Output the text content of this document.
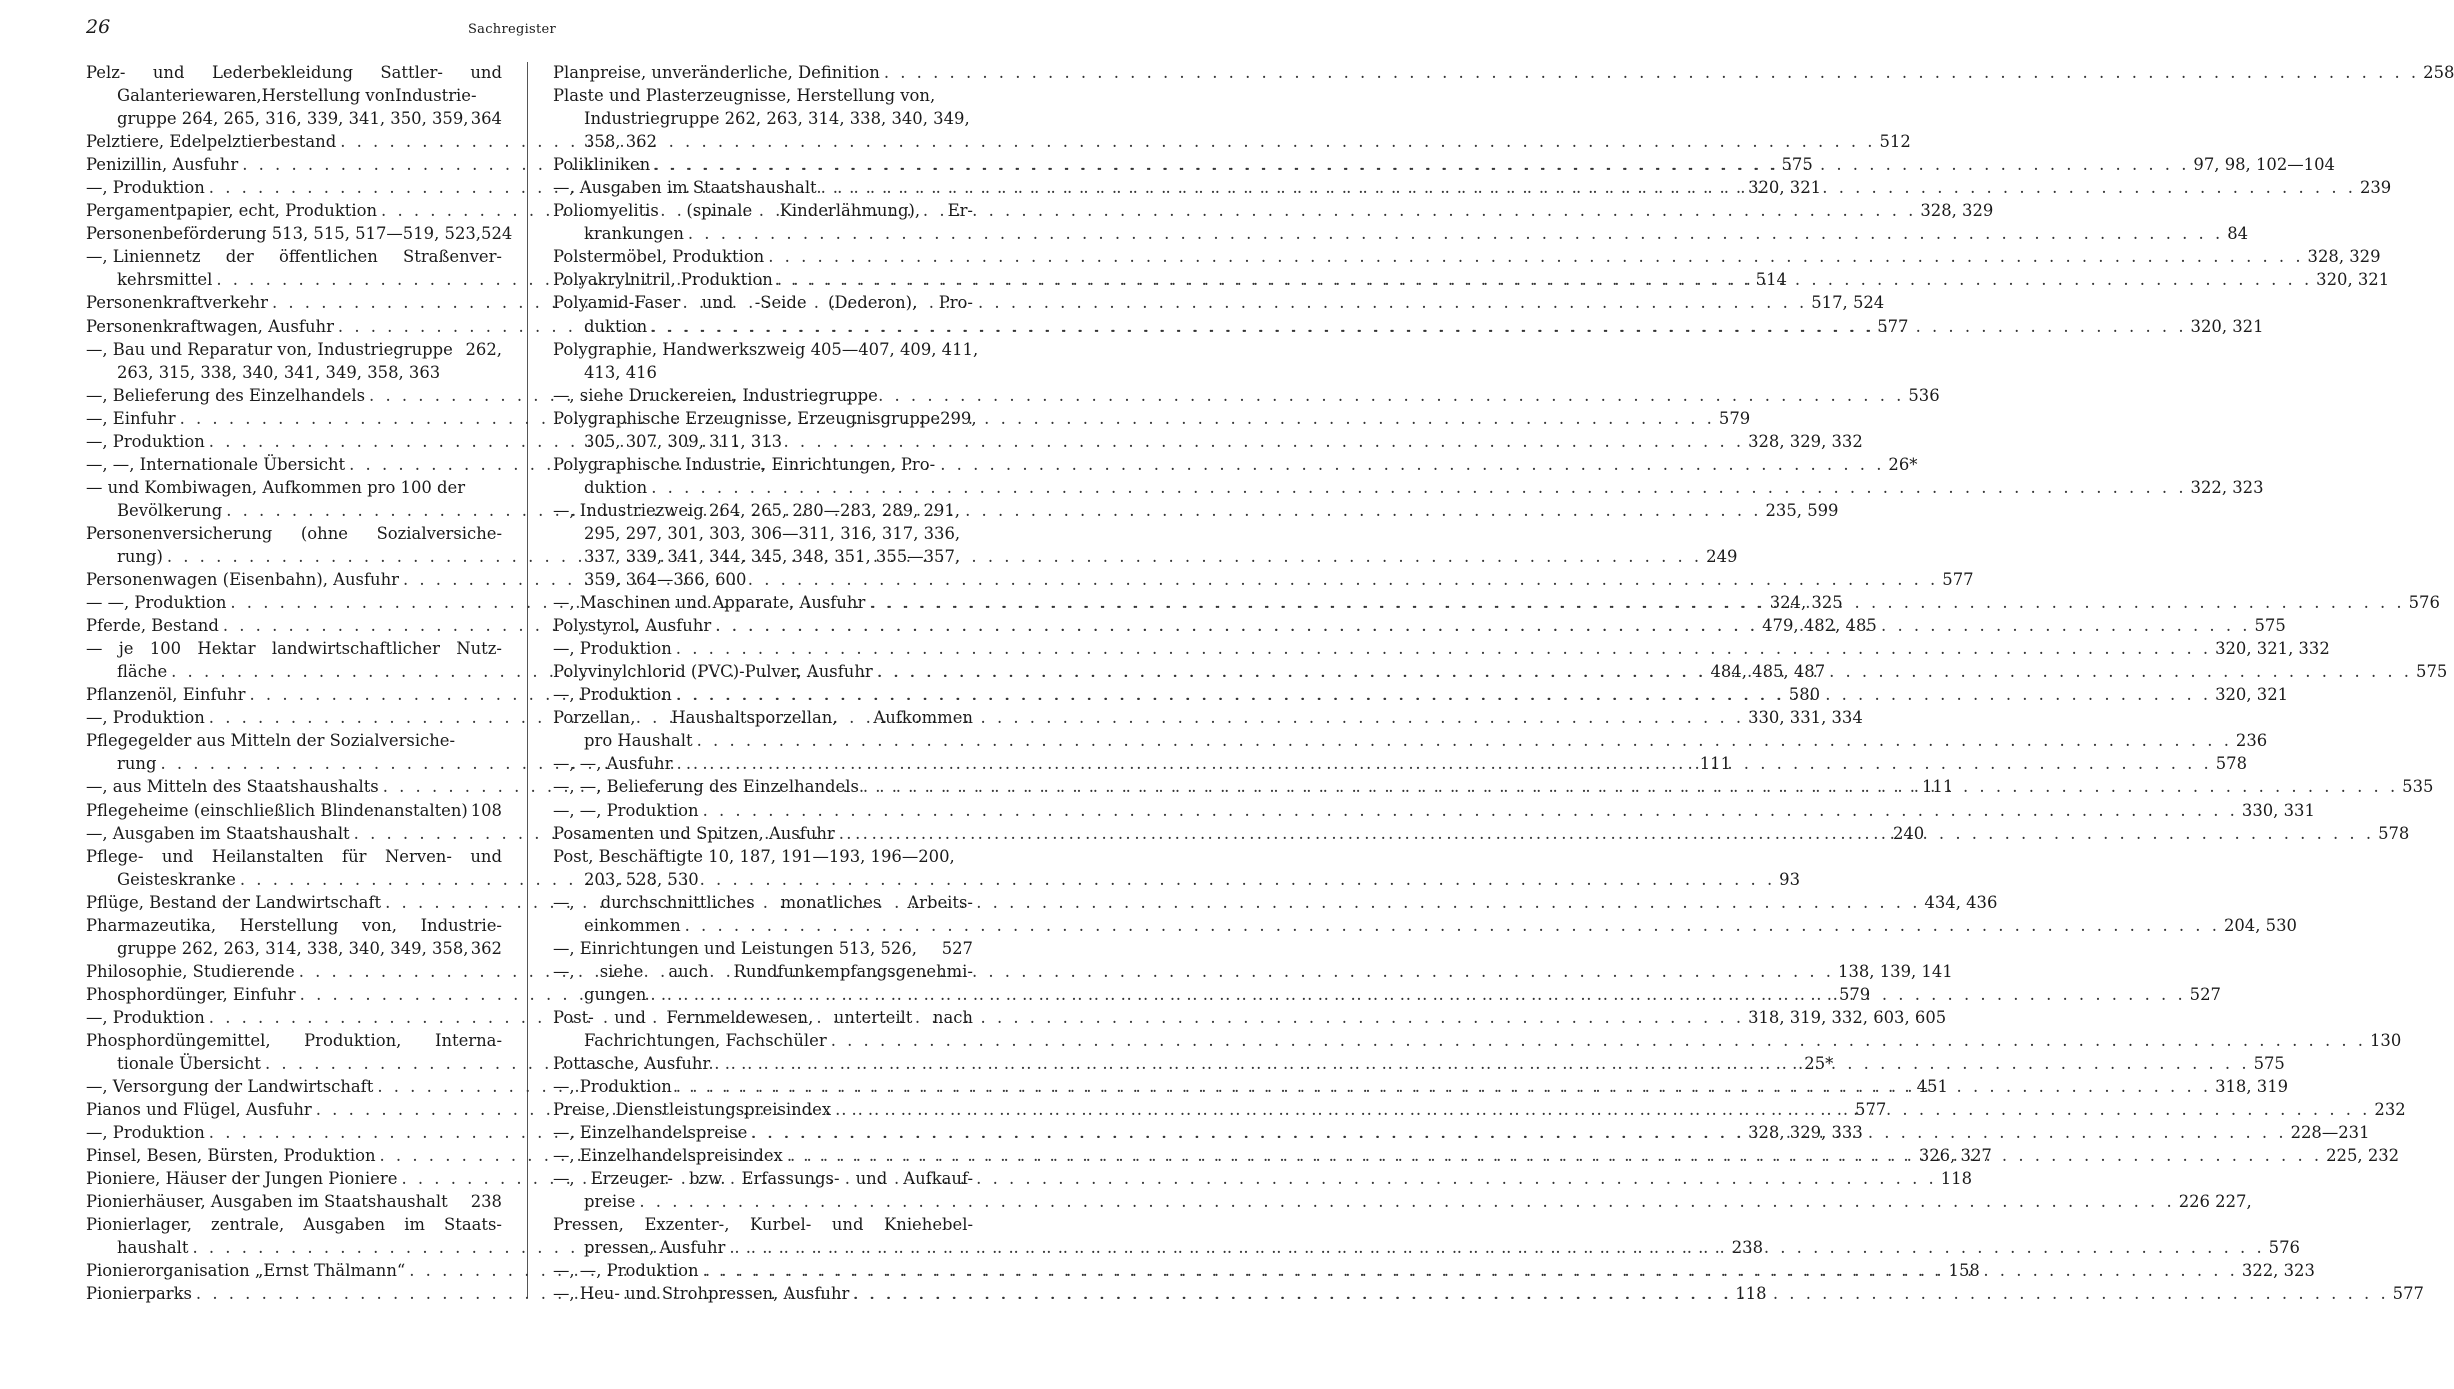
26	Sachregister
Pelz- und Lederbekleidung Sattler- und
Galanteriewaren,Herstellung vonIndustrie-
gruppe 264, 265, 316, 339, 341, 350, 359, 364
Pelztiere, Edelpelztierbestand . . .	512
Penizillin, Ausfuhr . . .	575
—, Produktion . . .	320, 321
Pergamentpapier, echt, Produktion . . .	328, 329
Personenbeförderung 513, 515, 517—519, 523, 524
—, Liniennetz der öffentlichen Straßenver-
kehrsmittel . . .	514
Personenkraftverkehr . . .	517, 524
Personenkraftwagen, Ausfuhr . . .	577
—, Bau und Reparatur von, Industriegruppe 262,
263, 315, 338, 340, 341, 349, 358, 363
—, Belieferung des Einzelhandels . . .	536
—, Einfuhr . . .	579
—, Produktion . . .	328, 329, 332
—, —, Internationale Übersicht . . .	26*
— und Kombiwagen, Aufkommen pro 100 der
Bevölkerung . . .	235, 599
Personenversicherung (ohne Sozialversiche-
rung) . . .	249
Personenwagen (Eisenbahn), Ausfuhr . . .	577
— —, Produktion . . .	324, 325
Pferde, Bestand . . .	479, 482, 485
— je 100 Hektar landwirtschaftlicher Nutz-
fläche . . .	484, 485, 487
Pflanzenöl, Einfuhr . . .	580
—, Produktion . . .	330, 331, 334
Pflegegelder aus Mitteln der Sozialversiche-
rung . . .	111
—, aus Mitteln des Staatshaushalts . . .	111
Pflegeheime (einschließlich Blindenanstalten) 108
—, Ausgaben im Staatshaushalt . . .	240
Pflege- und Heilanstalten für Nerven- und
Geisteskranke . . .	93
Pflüge, Bestand der Landwirtschaft . . .	434, 436
Pharmazeutika, Herstellung von, Industrie-
gruppe 262, 263, 314, 338, 340, 349, 358, 362
Philosophie, Studierende . . .	138, 139, 141
Phosphordünger, Einfuhr . . .	579
—, Produktion . . .	318, 319, 332, 603, 605
Phosphordüngemittel, Produktion, Interna-
tionale Übersicht . . .	25*
—, Versorgung der Landwirtschaft . . .	451
Pianos und Flügel, Ausfuhr . . .	577
—, Produktion . . .	328, 329, 333
Pinsel, Besen, Bürsten, Produktion . . .	326, 327
Pioniere, Häuser der Jungen Pioniere . . .	118
Pionierhäuser, Ausgaben im Staatshaushalt 238
Pionierlager, zentrale, Ausgaben im Staats-
haushalt . . .	238
Pionierorganisation „Ernst Thälmann“ . . .	158
Pionierparks . . .	118
Planpreise, unveränderliche, Definition . . .	258
Plaste und Plasterzeugnisse, Herstellung von,
Industriegruppe 262, 263, 314, 338, 340, 349,
358, 362
Polikliniken . . .	97, 98, 102—104
—, Ausgaben im Staatshaushalt . . .	239
Poliomyelitis (spinale Kinderlähmung), Er-
krankungen . . .	84
Polstermöbel, Produktion . . .	328, 329
Polyakrylnitril, Produktion . . .	320, 321
Polyamid-Faser und -Seide (Dederon), Pro-
duktion . . .	320, 321
Polygraphie, Handwerkszweig 405—407, 409, 411,
413, 416
—, siehe Druckereien, Industriegruppe
Polygraphische Erzeugnisse, Erzeugnisgruppe 299,
305, 307, 309, 311, 313
Polygraphische Industrie, Einrichtungen, Pro-
duktion . . .	322, 323
—, Industriezweig 264, 265, 280—283, 289, 291,
295, 297, 301, 303, 306—311, 316, 317, 336,
337, 339, 341, 344, 345, 348, 351, 355—357,
359, 364—366, 600
—, Maschinen und Apparate, Ausfuhr . . .	576
Polystyrol, Ausfuhr . . .	575
—, Produktion . . .	320, 321, 332
Polyvinylchlorid (PVC)-Pulver, Ausfuhr . . .	575
—, Produktion . . .	320, 321
Porzellan, Haushaltsporzellan, Aufkommen
pro Haushalt . . .	236
—, —, Ausfuhr . . .	578
—, —, Belieferung des Einzelhandels . . .	535
—, —, Produktion . . .	330, 331
Posamenten und Spitzen, Ausfuhr . . .	578
Post, Beschäftigte 10, 187, 191—193, 196—200,
203, 528, 530
—, durchschnittliches monatliches Arbeits-
einkommen . . .	204, 530
—, Einrichtungen und Leistungen 513, 526, 527
—, siehe auch Rundfunkempfangsgenehmi-
gungen . . .	527
Post- und Fernmeldewesen, unterteilt nach
Fachrichtungen, Fachschüler . . .	130
Pottasche, Ausfuhr . . .	575
—, Produktion . . .	318, 319
Preise, Dienstleistungspreisindex . . .	232
—, Einzelhandelspreise . . .	228—231
—, Einzelhandelspreisindex . . .	225, 232
—, Erzeuger- bzw. Erfassungs- und Aufkauf-
preise . . .	226 227,
Pressen, Exzenter-, Kurbel- und Kniehebel-
pressen, Ausfuhr . . .	576
—, —, Produktion . . .	322, 323
—, Heu- und Strohpressen, Ausfuhr . . .	577
